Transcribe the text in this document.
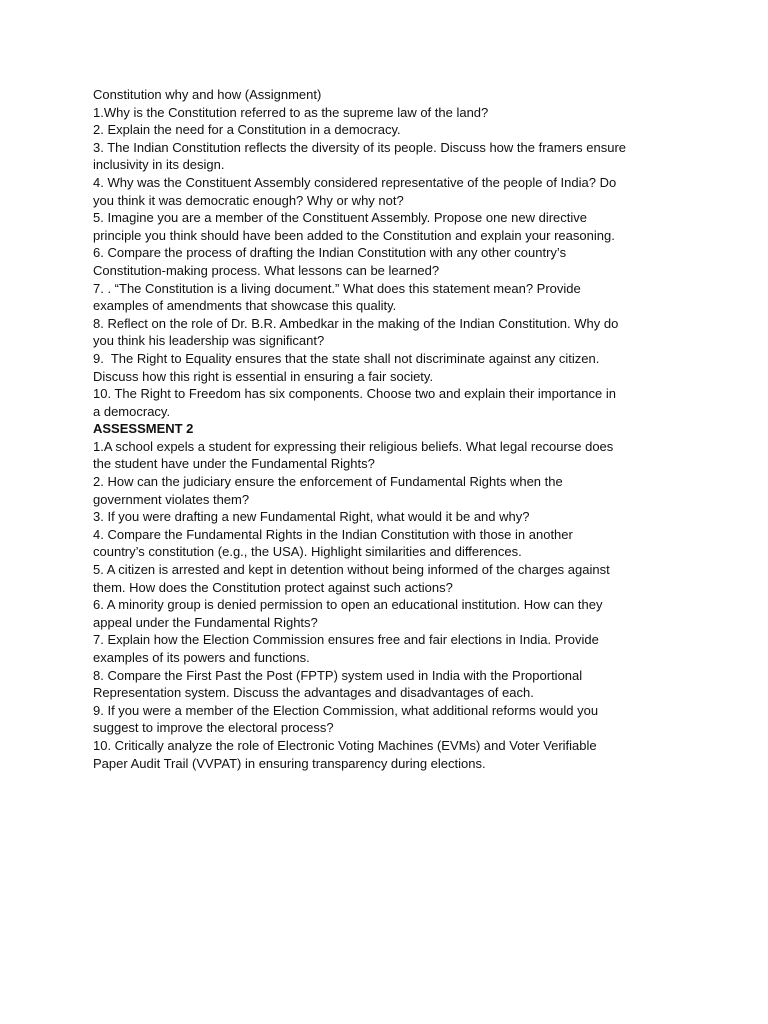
Constitution why and how (Assignment)
1.Why is the Constitution referred to as the supreme law of the land?
2. Explain the need for a Constitution in a democracy.
3. The Indian Constitution reflects the diversity of its people. Discuss how the framers ensure
inclusivity in its design.
4. Why was the Constituent Assembly considered representative of the people of India? Do
you think it was democratic enough? Why or why not?
5. Imagine you are a member of the Constituent Assembly. Propose one new directive
principle you think should have been added to the Constitution and explain your reasoning.
6. Compare the process of drafting the Indian Constitution with any other country’s
Constitution-making process. What lessons can be learned?
7. . “The Constitution is a living document.” What does this statement mean? Provide
examples of amendments that showcase this quality.
8. Reflect on the role of Dr. B.R. Ambedkar in the making of the Indian Constitution. Why do
you think his leadership was significant?
9.  The Right to Equality ensures that the state shall not discriminate against any citizen.
Discuss how this right is essential in ensuring a fair society.
10. The Right to Freedom has six components. Choose two and explain their importance in
a democracy.
ASSESSMENT 2
1.A school expels a student for expressing their religious beliefs. What legal recourse does
the student have under the Fundamental Rights?
2. How can the judiciary ensure the enforcement of Fundamental Rights when the
government violates them?
3. If you were drafting a new Fundamental Right, what would it be and why?
4. Compare the Fundamental Rights in the Indian Constitution with those in another
country’s constitution (e.g., the USA). Highlight similarities and differences.
5. A citizen is arrested and kept in detention without being informed of the charges against
them. How does the Constitution protect against such actions?
6. A minority group is denied permission to open an educational institution. How can they
appeal under the Fundamental Rights?
7. Explain how the Election Commission ensures free and fair elections in India. Provide
examples of its powers and functions.
8. Compare the First Past the Post (FPTP) system used in India with the Proportional
Representation system. Discuss the advantages and disadvantages of each.
9. If you were a member of the Election Commission, what additional reforms would you
suggest to improve the electoral process?
10. Critically analyze the role of Electronic Voting Machines (EVMs) and Voter Verifiable
Paper Audit Trail (VVPAT) in ensuring transparency during elections.
